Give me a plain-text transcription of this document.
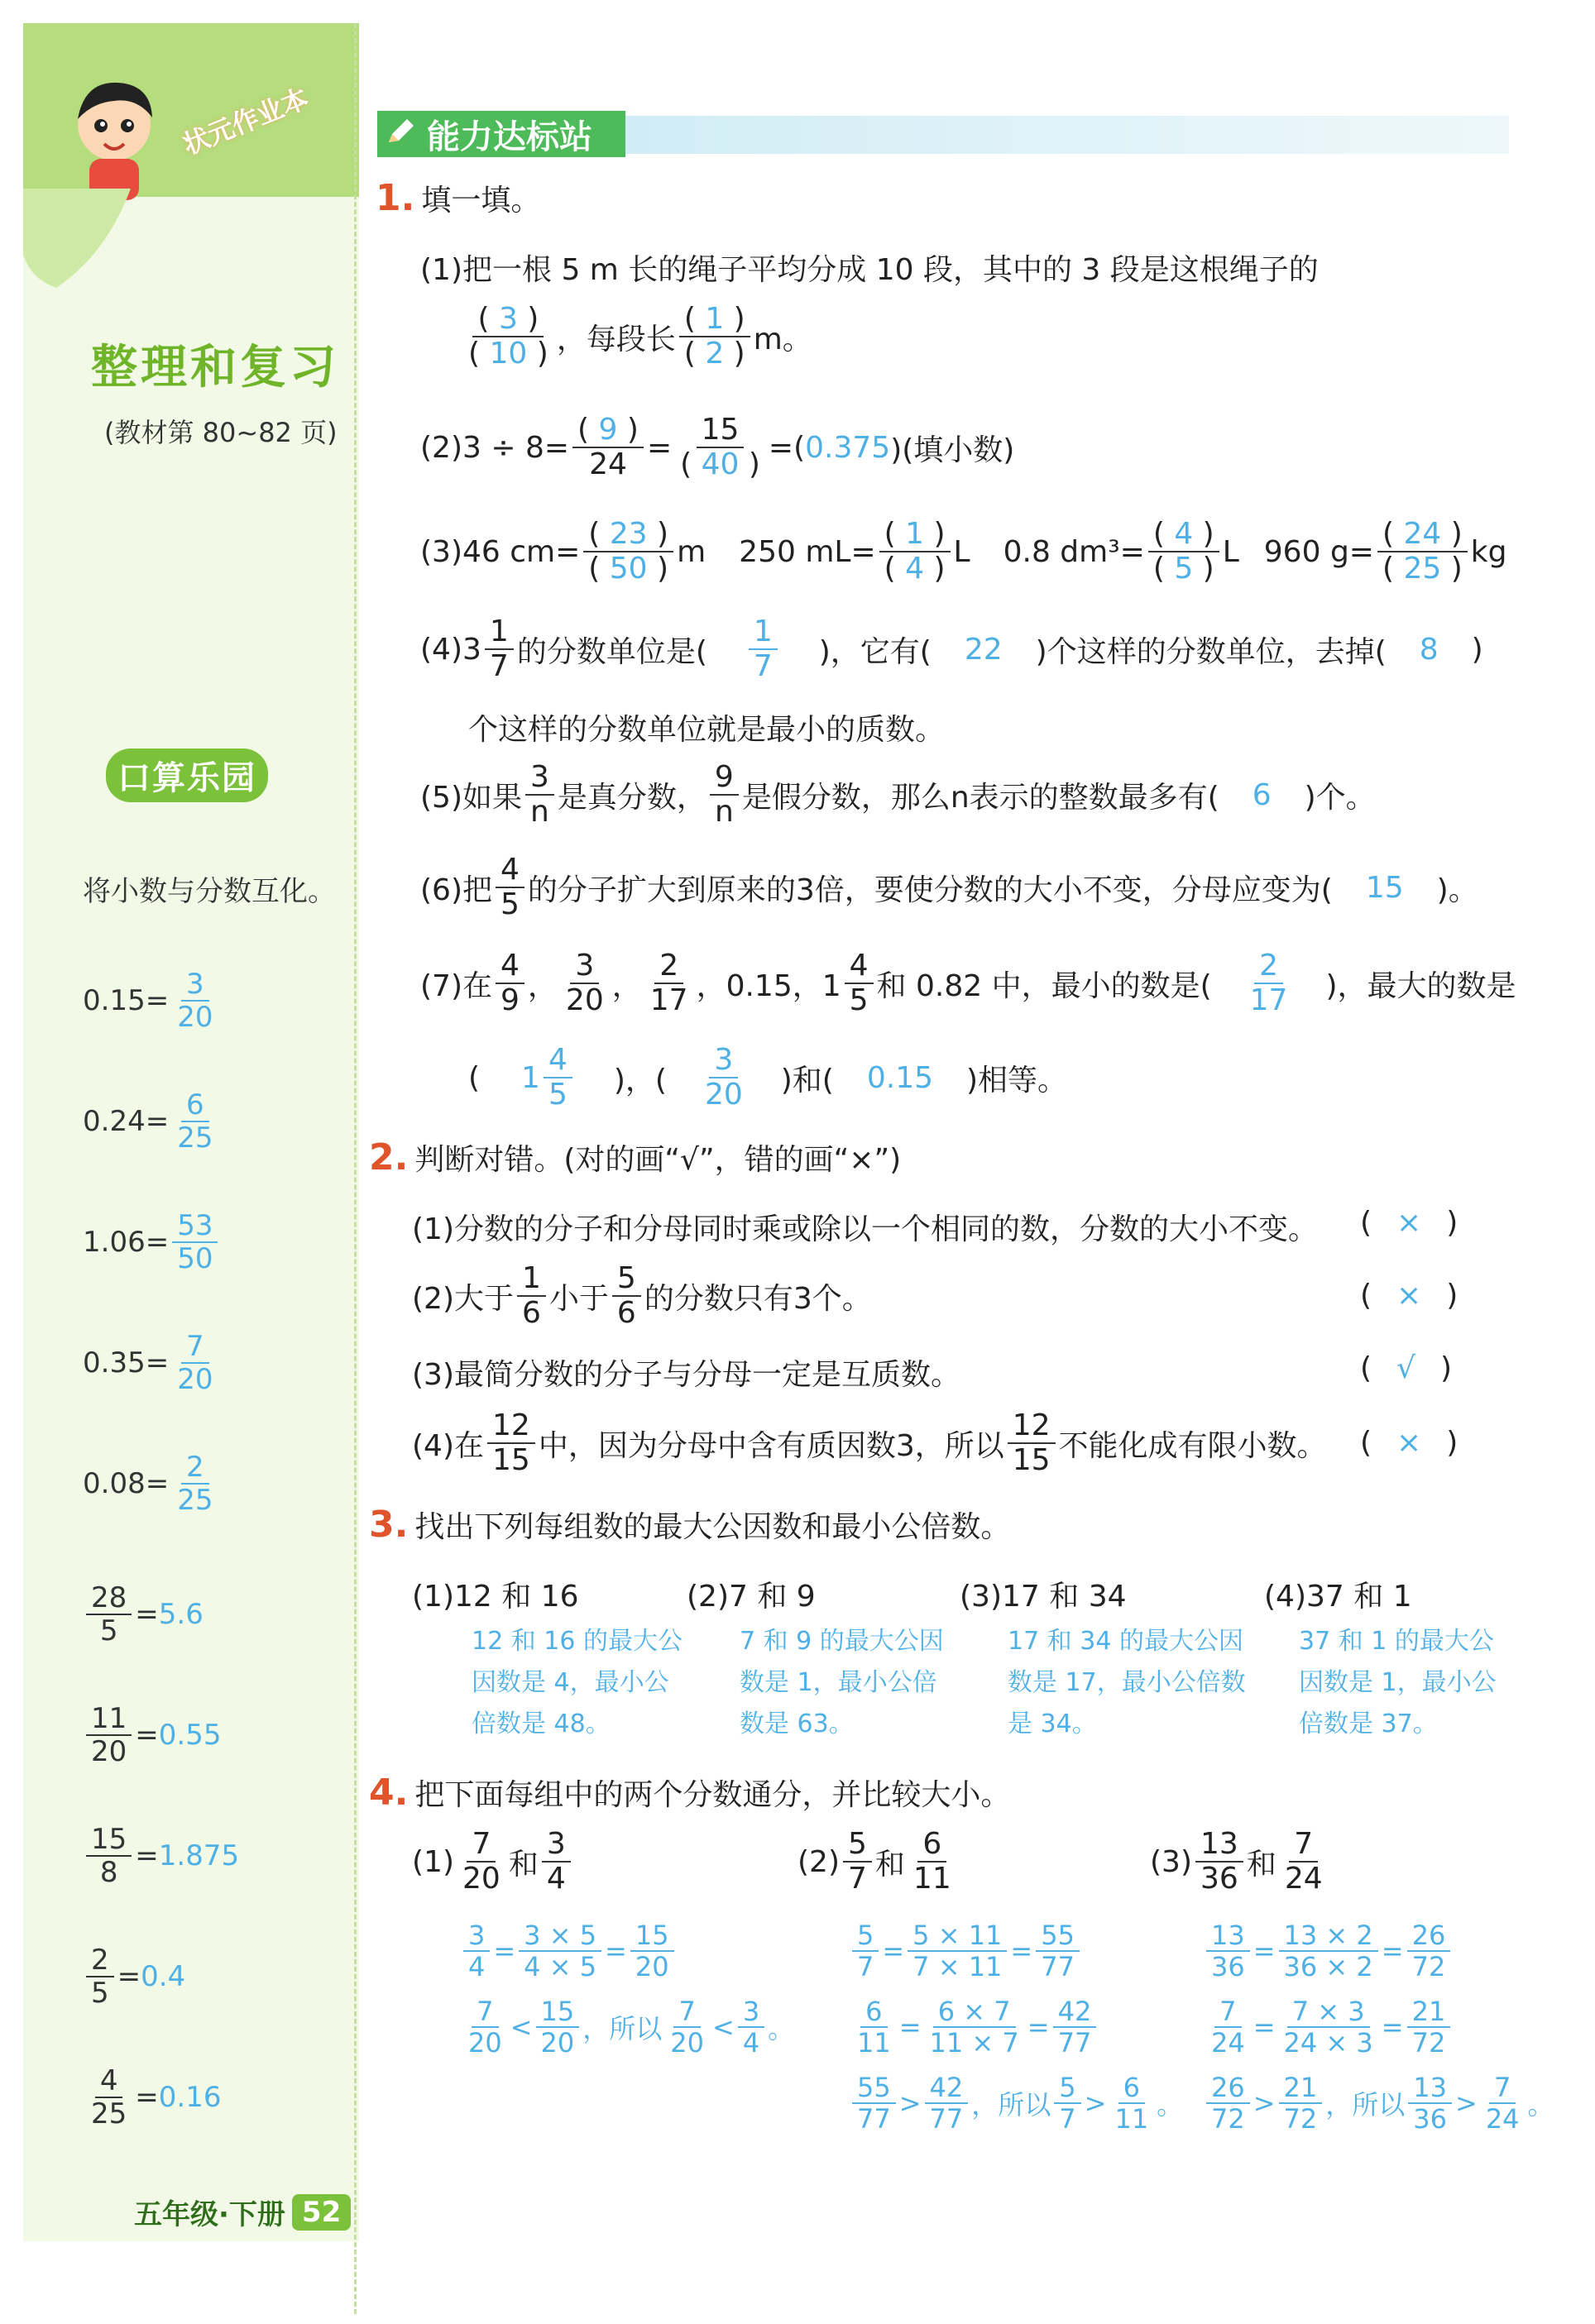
状元作业本
整理和复习
(教材第 80~82 页)
口算乐园
将小数与分数互化。
$0.15= \frac{3}{20}$
$0.24= \frac{6}{25}$
$1.06= \frac{53}{50}$
$0.35= \frac{7}{20}$
$0.08= \frac{2}{25}$
$\frac{28}{5} = 5.6$
$\frac{11}{20} = 0.55$
$\frac{15}{8} = 1.875$
$\frac{2}{5} = 0.4$
$\frac{4}{25} = 0.16$
五年级·下册 52
能力达标站
1. 填一填。
(1)把一根 5 m 长的绳子平均分成 10 段，其中的 3 段是这根绳子的
$\frac{( 3 )}{( 10 )}$ ，每段长 $\frac{( 1 )}{( 2 )}$ m。
$(2)3 \div 8= \frac{( 9 )}{24} = \frac{15}{( 40 )}$ =( 0.375 )(填小数)
(3)46 $cm= \frac{( 23 )}{( 50 )}$ m 250 $mL= \frac{( 1 )}{( 4 )}$ L 0.8 $dm^3= \frac{( 4 )}{( 5 )}$ L 960 $g= \frac{( 24 )}{( 25 )}$ kg
$(4)3 \frac{1}{7}$ 的分数单位是( $\frac{1}{7}$ )，它有( 22 )个这样的分数单位，去掉( 8 )
个这样的分数单位就是最小的质数。
(5)如果 $\frac{3}{n}$ 是真分数， $\frac{9}{n}$ 是假分数，那么n表示的整数最多有( 6 )个。
(6)把 $\frac{4}{5}$ 的分子扩大到原来的3倍，要使分数的大小不变，分母应变为( 15 )。
(7)在 $\frac{4}{9}$ ， $\frac{3}{20}$ ， $\frac{2}{17}$ ，0.15，$1 \frac{4}{5}$ 和 0.82 中，最小的数是( $\frac{2}{17}$ )，最大的数是
( $1 \frac{4}{5}$ )，( $\frac{3}{20}$ )和( 0.15 )相等。
2. 判断对错。(对的画“√”，错的画“×”)
(1)分数的分子和分母同时乘或除以一个相同的数，分数的大小不变。 ( × )
(2)大于 $\frac{1}{6}$ 小于 $\frac{5}{6}$ 的分数只有3个。	( × )
(3)最简分数的分子与分母一定是互质数。	( √ )
(4)在 $\frac{12}{15}$ 中，因为分母中含有质因数3，所以 $\frac{12}{15}$ 不能化成有限小数。 ( × )
3. 找出下列每组数的最大公因数和最小公倍数。
(1)12 和 16	(2)7 和 9	(3)17 和 34	(4)37 和 1
12 和 16 的最大公因数是 4，最小公倍数是 48。
7 和 9 的最大公因数是 1，最小公倍数是 63。
17 和 34 的最大公因数是 17，最小公倍数是 34。
37 和 1 的最大公因数是 1，最小公倍数是 37。
4. 把下面每组中的两个分数通分，并比较大小。
$(1) \frac{7}{20}$ 和 $\frac{3}{4}$	$(2) \frac{5}{7}$ 和 $\frac{6}{11}$	$(3) \frac{13}{36}$ 和 $\frac{7}{24}$
$\frac{3}{4} = \frac{3 \times 5}{4 \times 5} = \frac{15}{20}$
$\frac{7}{20} < \frac{15}{20}$ ， 所以 $\frac{7}{20} < \frac{3}{4}$ 。
$\frac{5}{7} = \frac{5 \times 11}{7 \times 11} = \frac{55}{77}$
$\frac{6}{11} = \frac{6 \times 7}{11 \times 7} = \frac{42}{77}$
$\frac{55}{77} > \frac{42}{77}$ ， 所以 $\frac{5}{7} > \frac{6}{11}$ 。
$\frac{13}{36} = \frac{13 \times 2}{36 \times 2} = \frac{26}{72}$
$\frac{7}{24} = \frac{7 \times 3}{24 \times 3} = \frac{21}{72}$
$\frac{26}{72} > \frac{21}{72}$ ， 所以 $\frac{13}{36} > \frac{7}{24}$ 。
